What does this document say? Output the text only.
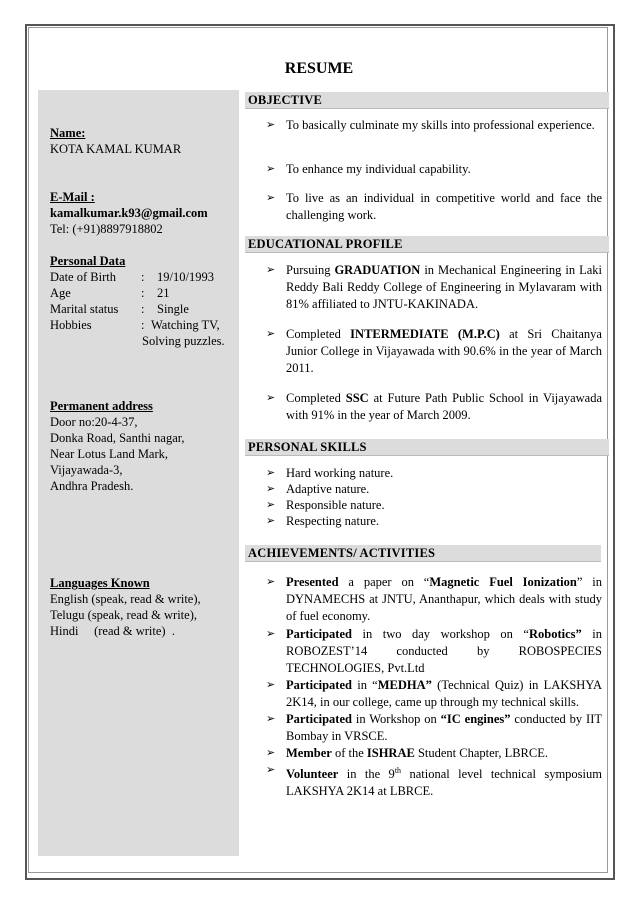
RESUME
Name:
KOTA KAMAL KUMAR
E-Mail :
kamalkumar.k93@gmail.com
Tel: (+91)8897918802
Personal Data
Date of Birth	:	19/10/1993
Age	:	21
Marital status	:	Single
Hobbies	: Watching TV,
Solving puzzles.
Permanent address
Door no:20-4-37,
Donka Road, Santhi nagar,
Near Lotus Land Mark,
Vijayawada-3,
Andhra Pradesh.
Languages Known
English (speak, read & write),
Telugu (speak, read & write),
Hindi     (read & write)  .
OBJECTIVE
➢ To basically culminate my skills into professional experience.
➢ To enhance my individual capability.
➢ To live as an individual in competitive world and face the challenging work.
EDUCATIONAL PROFILE
➢ Pursuing GRADUATION in Mechanical Engineering in Laki Reddy Bali Reddy College of Engineering in Mylavaram with 81% affiliated to JNTU-KAKINADA.
➢ Completed INTERMEDIATE (M.P.C) at Sri Chaitanya Junior College in Vijayawada with 90.6% in the year of March 2011.
➢ Completed SSC at Future Path Public School in Vijayawada with 91% in the year of March 2009.
PERSONAL SKILLS
➢ Hard working nature.
➢ Adaptive nature.
➢ Responsible nature.
➢ Respecting nature.
ACHIEVEMENTS/ ACTIVITIES
➢ Presented a paper on “Magnetic Fuel Ionization” in DYNAMECHS at JNTU, Ananthapur, which deals with study of fuel economy.
➢ Participated in two day workshop on “Robotics” in ROBOZEST’14 conducted by ROBOSPECIES TECHNOLOGIES, Pvt.Ltd
➢ Participated in “MEDHA” (Technical Quiz) in LAKSHYA 2K14, in our college, came up through my technical skills.
➢ Participated in Workshop on “IC engines” conducted by IIT Bombay in VRSCE.
➢ Member of the ISHRAE Student Chapter, LBRCE.
➢ Volunteer in the 9th national level technical symposium LAKSHYA 2K14 at LBRCE.
